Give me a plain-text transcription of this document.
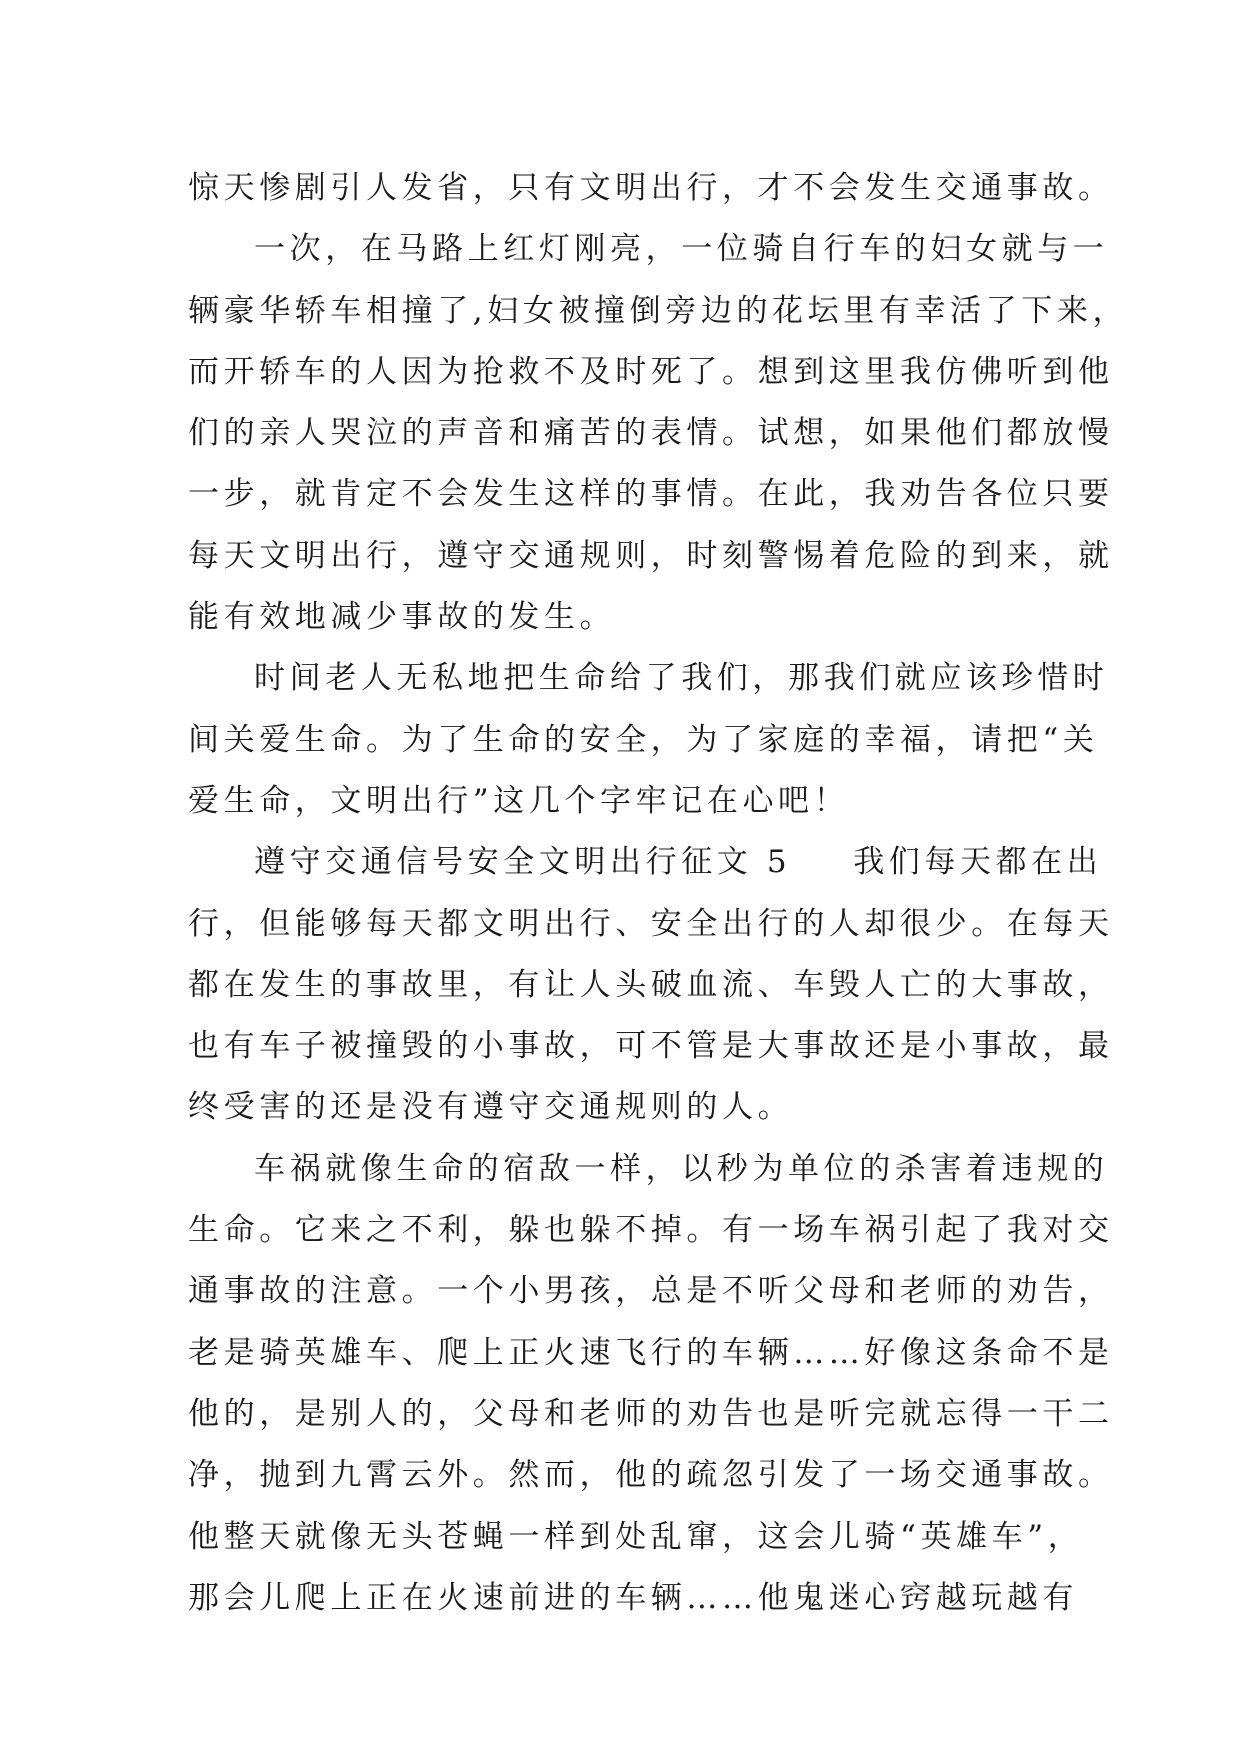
惊天惨剧引人发省，只有文明出行，才不会发生交通事故。
一次，在马路上红灯刚亮，一位骑自行车的妇女就与一
辆豪华轿车相撞了,妇女被撞倒旁边的花坛里有幸活了下来，
而开轿车的人因为抢救不及时死了。想到这里我仿佛听到他
们的亲人哭泣的声音和痛苦的表情。试想，如果他们都放慢
一步，就肯定不会发生这样的事情。在此，我劝告各位只要
每天文明出行，遵守交通规则，时刻警惕着危险的到来，就
能有效地减少事故的发生。
时间老人无私地把生命给了我们，那我们就应该珍惜时
间关爱生命。为了生命的安全，为了家庭的幸福，请把“关
爱生命，文明出行”这几个字牢记在心吧！
遵守交通信号安全文明出行征文 5 我们每天都在出
行，但能够每天都文明出行、安全出行的人却很少。在每天
都在发生的事故里，有让人头破血流、车毁人亡的大事故，
也有车子被撞毁的小事故，可不管是大事故还是小事故，最
终受害的还是没有遵守交通规则的人。
车祸就像生命的宿敌一样，以秒为单位的杀害着违规的
生命。它来之不利，躲也躲不掉。有一场车祸引起了我对交
通事故的注意。一个小男孩，总是不听父母和老师的劝告，
老是骑英雄车、爬上正火速飞行的车辆……好像这条命不是
他的，是别人的，父母和老师的劝告也是听完就忘得一干二
净，抛到九霄云外。然而，他的疏忽引发了一场交通事故。
他整天就像无头苍蝇一样到处乱窜，这会儿骑“英雄车”，
那会儿爬上正在火速前进的车辆……他鬼迷心窍越玩越有
